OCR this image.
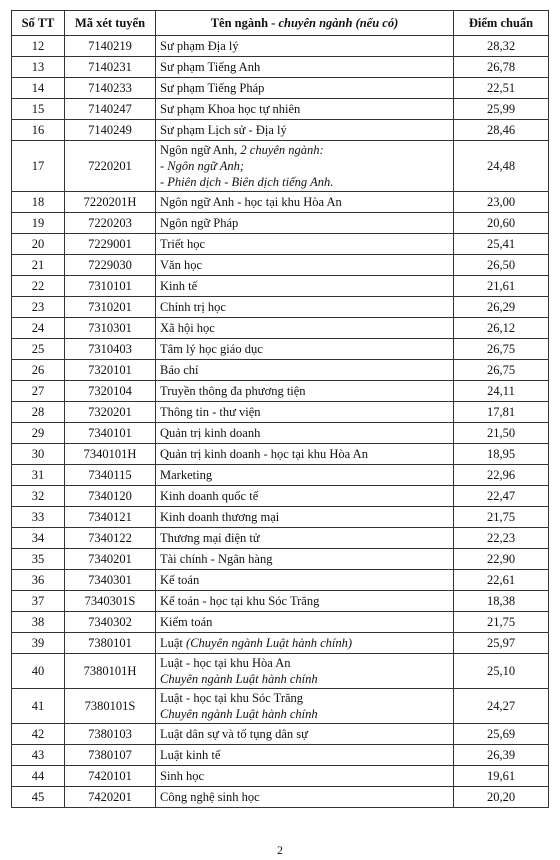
Số TT	Mã xét tuyển	Tên ngành - chuyên ngành (nếu có)	Điểm chuẩn
12	7140219	Sư phạm Địa lý	28,32
13	7140231	Sư phạm Tiếng Anh	26,78
14	7140233	Sư phạm Tiếng Pháp	22,51
15	7140247	Sư phạm Khoa học tự nhiên	25,99
16	7140249	Sư phạm Lịch sử - Địa lý	28,46
17	7220201	Ngôn ngữ Anh, 2 chuyên ngành:
- Ngôn ngữ Anh;
- Phiên dịch - Biên dịch tiếng Anh.	24,48
18	7220201H	Ngôn ngữ Anh - học tại khu Hòa An	23,00
19	7220203	Ngôn ngữ Pháp	20,60
20	7229001	Triết học	25,41
21	7229030	Văn học	26,50
22	7310101	Kinh tế	21,61
23	7310201	Chính trị học	26,29
24	7310301	Xã hội học	26,12
25	7310403	Tâm lý học giáo dục	26,75
26	7320101	Báo chí	26,75
27	7320104	Truyền thông đa phương tiện	24,11
28	7320201	Thông tin - thư viện	17,81
29	7340101	Quản trị kinh doanh	21,50
30	7340101H	Quản trị kinh doanh - học tại khu Hòa An	18,95
31	7340115	Marketing	22,96
32	7340120	Kinh doanh quốc tế	22,47
33	7340121	Kinh doanh thương mại	21,75
34	7340122	Thương mại điện tử	22,23
35	7340201	Tài chính - Ngân hàng	22,90
36	7340301	Kế toán	22,61
37	7340301S	Kế toán - học tại khu Sóc Trăng	18,38
38	7340302	Kiểm toán	21,75
39	7380101	Luật (Chuyên ngành Luật hành chính)	25,97
40	7380101H	Luật - học tại khu Hòa An
Chuyên ngành Luật hành chính	25,10
41	7380101S	Luật - học tại khu Sóc Trăng
Chuyên ngành Luật hành chính	24,27
42	7380103	Luật dân sự và tố tụng dân sự	25,69
43	7380107	Luật kinh tế	26,39
44	7420101	Sinh học	19,61
45	7420201	Công nghệ sinh học	20,20
2
